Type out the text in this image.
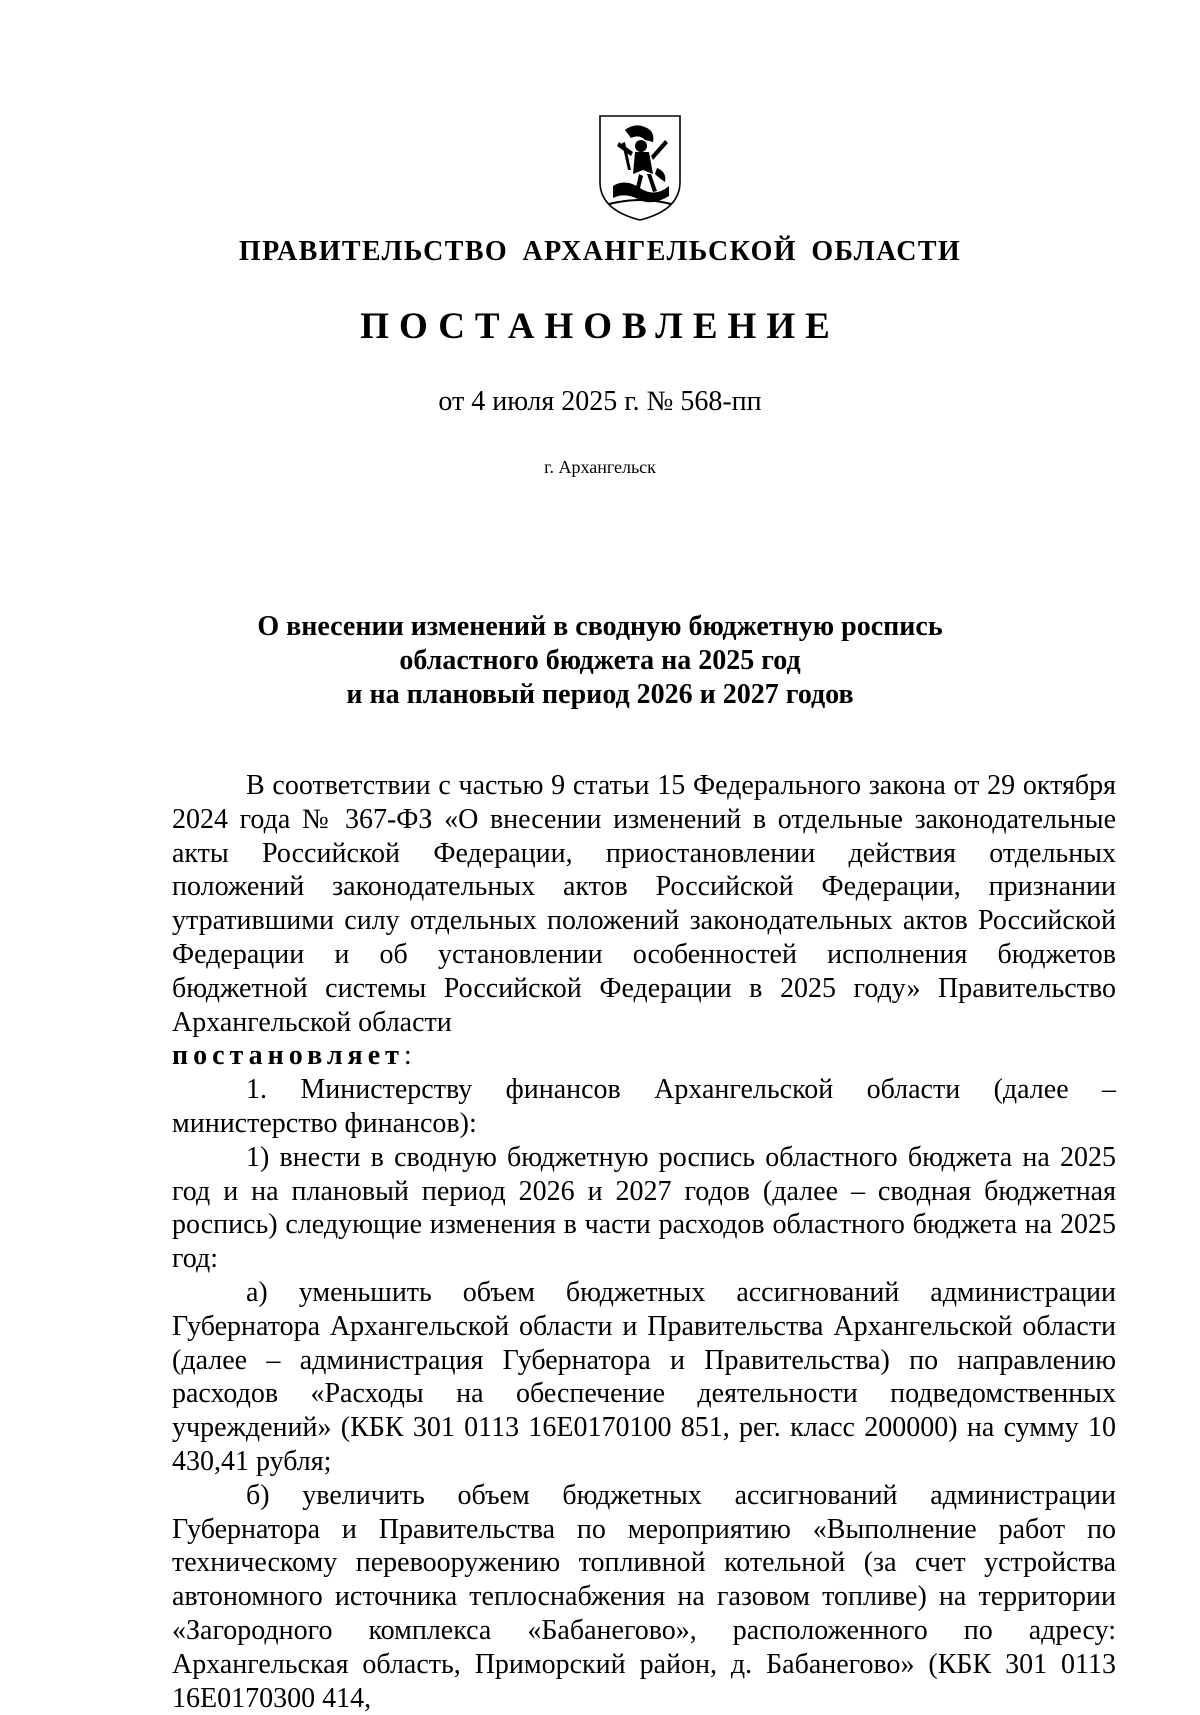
ПРАВИТЕЛЬСТВО АРХАНГЕЛЬСКОЙ ОБЛАСТИ
ПОСТАНОВЛЕНИЕ
от 4 июля 2025 г. № 568-пп
г. Архангельск
О внесении изменений в сводную бюджетную роспись
областного бюджета на 2025 год
и на плановый период 2026 и 2027 годов

В соответствии с частью 9 статьи 15 Федерального закона от 29 октября 2024 года № 367-ФЗ «О внесении изменений в отдельные законодательные акты Российской Федерации, приостановлении действия отдельных положений законодательных актов Российской Федерации, признании утратившими силу отдельных положений законодательных актов Российской Федерации и об установлении особенностей исполнения бюджетов бюджетной системы Российской Федерации в 2025 году» Правительство Архангельской области

постановляет:

1. Министерству финансов Архангельской области (далее – министерство финансов):

1) внести в сводную бюджетную роспись областного бюджета на 2025 год и на плановый период 2026 и 2027 годов (далее – сводная бюджетная роспись) следующие изменения в части расходов областного бюджета на 2025 год:

а) уменьшить объем бюджетных ассигнований администрации Губернатора Архангельской области и Правительства Архангельской области (далее – администрация Губернатора и Правительства) по направлению расходов «Расходы на обеспечение деятельности подведомственных учреждений» (КБК 301 0113 16Е0170100 851, рег. класс 200000) на сумму 10 430,41 рубля;

б) увеличить объем бюджетных ассигнований администрации Губернатора и Правительства по мероприятию «Выполнение работ по техническому перевооружению топливной котельной (за счет устройства автономного источника теплоснабжения на газовом топливе) на территории «Загородного комплекса «Бабанегово», расположенного по адресу: Архангельская область, Приморский район, д. Бабанегово» (КБК 301 0113 16Е0170300 414,
